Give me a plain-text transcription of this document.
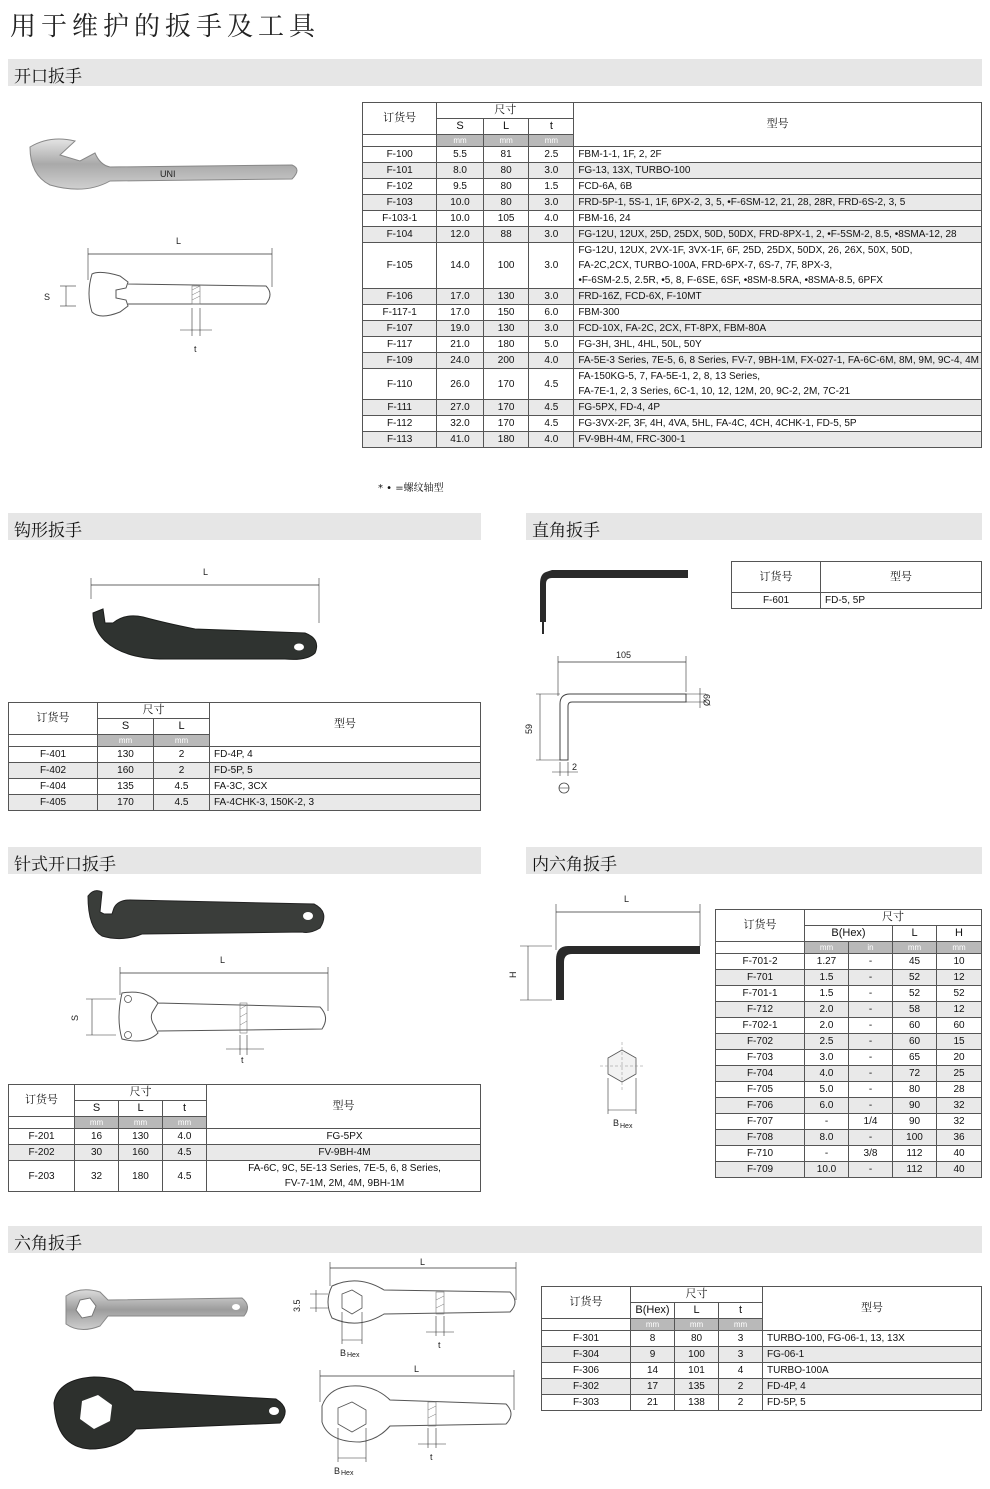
用于维护的扳手及工具
开口扳手
钩形扳手	直角扳手
针式开口扳手	内六角扳手
六角扳手
UNI
L
S
t
订货号	尺寸			型号
	S	L	t	
	mm	mm	mm	
F-100	5.5	81	2.5	FBM-1-1, 1F, 2, 2F

F-101	8.0	80	3.0	FG-13, 13X, TURBO-100

F-102	9.5	80	1.5	FCD-6A, 6B

F-103	10.0	80	3.0	FRD-5P-1, 5S-1, 1F, 6PX-2, 3, 5, •F-6SM-12, 21, 28, 28R, FRD-6S-2, 3, 5

F-103-1	10.0	105	4.0	FBM-16, 24

F-104	12.0	88	3.0	FG-12U, 12UX, 25D, 25DX, 50D, 50DX, FRD-8PX-1, 2, •F-5SM-2, 8.5, •8SMA-12, 28

F-105	14.0	100	3.0	FG-12U, 12UX, 2VX-1F, 3VX-1F, 6F, 25D, 25DX, 50DX, 26, 26X, 50X, 50D,
FA-2C,2CX, TURBO-100A, FRD-6PX-7, 6S-7, 7F, 8PX-3,
•F-6SM-2.5, 2.5R, •5, 8, F-6SE, 6SF, •8SM-8.5RA, •8SMA-8.5, 6PFX

F-106	17.0	130	3.0	FRD-16Z, FCD-6X, F-10MT

F-117-1	17.0	150	6.0	FBM-300

F-107	19.0	130	3.0	FCD-10X, FA-2C, 2CX, FT-8PX, FBM-80A

F-117	21.0	180	5.0	FG-3H, 3HL, 4HL, 50L, 50Y

F-109	24.0	200	4.0	FA-5E-3 Series, 7E-5, 6, 8 Series, FV-7, 9BH-1M, FX-027-1, FA-6C-6M, 8M, 9M, 9C-4, 4M

F-110	26.0	170	4.5	FA-150KG-5, 7, FA-5E-1, 2, 8, 13 Series,
FA-7E-1, 2, 3 Series, 6C-1, 10, 12, 12M, 20, 9C-2, 2M, 7C-21

F-111	27.0	170	4.5	FG-5PX, FD-4, 4P

F-112	32.0	170	4.5	FG-3VX-2F, 3F, 4H, 4VA, 5HL, FA-4C, 4CH, 4CHK-1, FD-5, 5P

F-113	41.0	180	4.0	FV-9BH-4M, FRC-300-1
* • =螺纹轴型
L
订货号	尺寸		型号
	S	L	
	mm	mm	
F-401	130	2	FD-4P, 4
F-402	160	2	FD-5P, 5
F-404	135	4.5	FA-3C, 3CX
F-405	170	4.5	FA-4CHK-3, 150K-2, 3
105
Ø9
59
2
订货号	型号
F-601	FD-5, 5P
L
S
t
订货号	尺寸			型号
	S	L	t	
	mm	mm	mm	
F-201	16	130	4.0	FG-5PX

F-202	30	160	4.5	FV-9BH-4M

F-203	32	180	4.5	FA-6C, 9C, 5E-13 Series, 7E-5, 6, 8 Series,
FV-7-1M, 2M, 4M, 9BH-1M
L
H
B Hex
订货号	尺寸			
	B(Hex)		L	H
	mm	in	mm	mm
F-701-2	1.27	-	45	10
F-701	1.5	-	52	12
F-701-1	1.5	-	52	52
F-712	2.0	-	58	12
F-702-1	2.0	-	60	60
F-702	2.5	-	60	15
F-703	3.0	-	65	20
F-704	4.0	-	72	25
F-705	5.0	-	80	28
F-706	6.0	-	90	32
F-707	-	1/4	90	32
F-708	8.0	-	100	36
F-710	-	3/8	112	40
F-709	10.0	-	112	40
L
3.5
B Hex
t
L
B Hex
t
订货号	尺寸			型号
	B(Hex)	L	t	
	mm	mm	mm	
F-301	8	80	3	TURBO-100, FG-06-1, 13, 13X
F-304	9	100	3	FG-06-1
F-306	14	101	4	TURBO-100A
F-302	17	135	2	FD-4P, 4
F-303	21	138	2	FD-5P, 5
